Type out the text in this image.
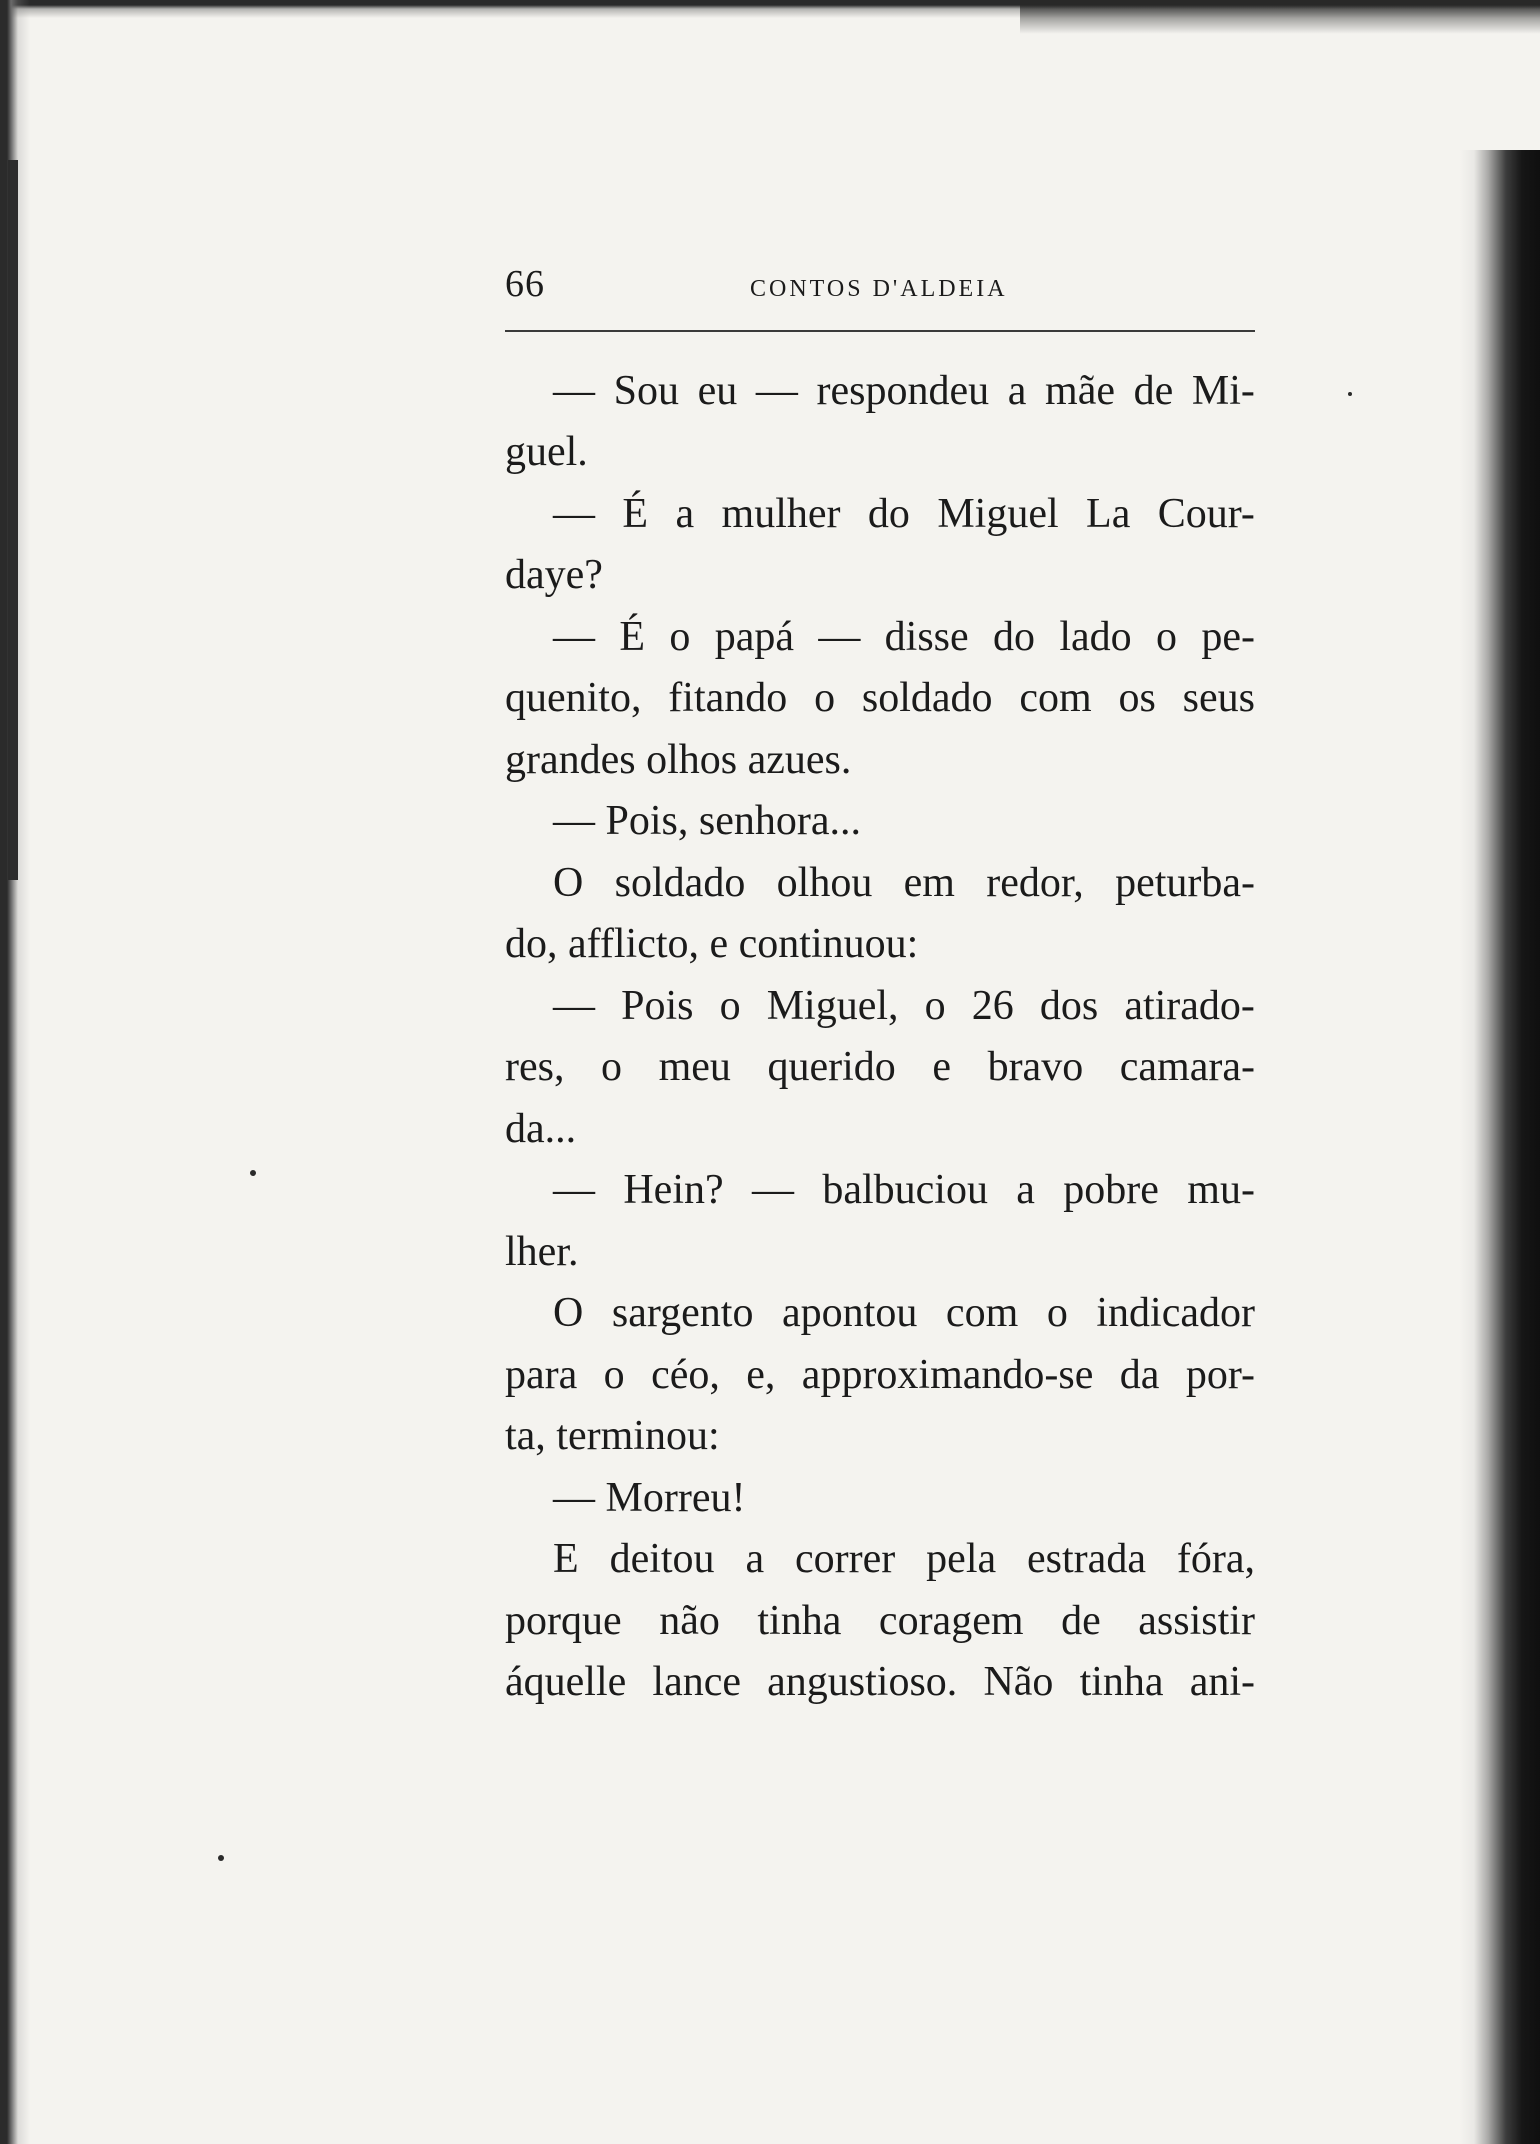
66	CONTOS D'ALDEIA
— Sou eu — respondeu a mãe de Mi-
guel.
— É a mulher do Miguel La Cour-
daye?
— É o papá — disse do lado o pe-
quenito, fitando o soldado com os seus
grandes olhos azues.
— Pois, senhora...
O soldado olhou em redor, peturba-
do, afflicto, e continuou:
— Pois o Miguel, o 26 dos atirado-
res, o meu querido e bravo camara-
da...
— Hein? — balbuciou a pobre mu-
lher.
O sargento apontou com o indicador
para o céo, e, approximando-se da por-
ta, terminou:
— Morreu!
E deitou a correr pela estrada fóra,
porque não tinha coragem de assistir
áquelle lance angustioso. Não tinha ani-
